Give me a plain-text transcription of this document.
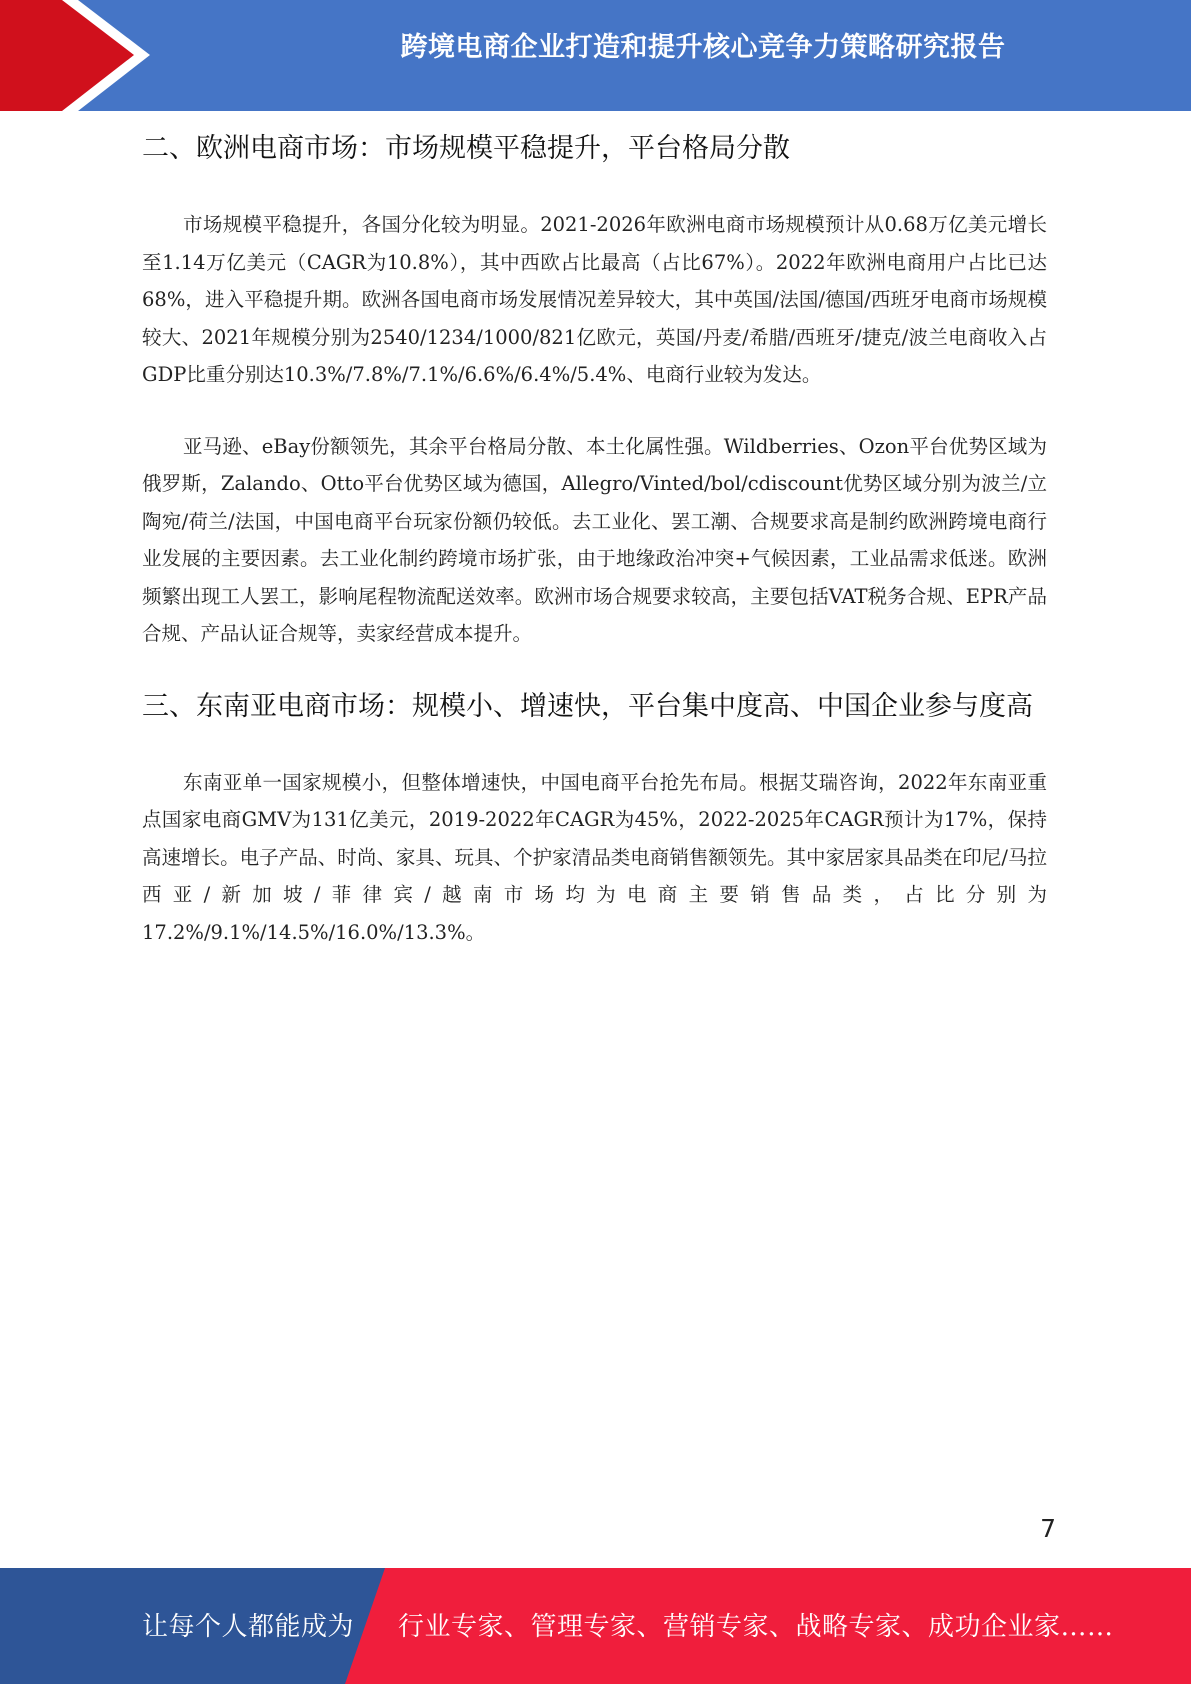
跨境电商企业打造和提升核心竞争力策略研究报告
二、欧洲电商市场：市场规模平稳提升，平台格局分散

市场规模平稳提升，各国分化较为明显。2021-2026年欧洲电商市场规模预计从0.68万亿美元增长至1.14万亿美元（CAGR为10.8%），其中西欧占比最高（占比67%）。2022年欧洲电商用户占比已达68%，进入平稳提升期。欧洲各国电商市场发展情况差异较大，其中英国/法国/德国/西班牙电商市场规模较大、2021年规模分别为2540/1234/1000/821亿欧元，英国/丹麦/希腊/西班牙/捷克/波兰电商收入占GDP比重分别达10.3%/7.8%/7.1%/6.6%/6.4%/5.4%、电商行业较为发达。

亚马逊、eBay份额领先，其余平台格局分散、本土化属性强。Wildberries、Ozon平台优势区域为俄罗斯，Zalando、Otto平台优势区域为德国，Allegro/Vinted/bol/cdiscount优势区域分别为波兰/立陶宛/荷兰/法国，中国电商平台玩家份额仍较低。去工业化、罢工潮、合规要求高是制约欧洲跨境电商行业发展的主要因素。去工业化制约跨境市场扩张，由于地缘政治冲突+气候因素，工业品需求低迷。欧洲频繁出现工人罢工，影响尾程物流配送效率。欧洲市场合规要求较高，主要包括VAT税务合规、EPR产品合规、产品认证合规等，卖家经营成本提升。

三、东南亚电商市场：规模小、增速快，平台集中度高、中国企业参与度高

东南亚单一国家规模小，但整体增速快，中国电商平台抢先布局。根据艾瑞咨询，2022年东南亚重点国家电商GMV为131亿美元，2019-2022年CAGR为45%，2022-2025年CAGR预计为17%，保持高速增长。电子产品、时尚、家具、玩具、个护家清品类电商销售额领先。其中家居家具品类在印尼/马拉西亚/新加坡/菲律宾/越南市场均为电商主要销售品类，占比分别为17.2%/9.1%/14.5%/16.0%/13.3%。

7
让每个人都能成为 行业专家、管理专家、营销专家、战略专家、成功企业家……
